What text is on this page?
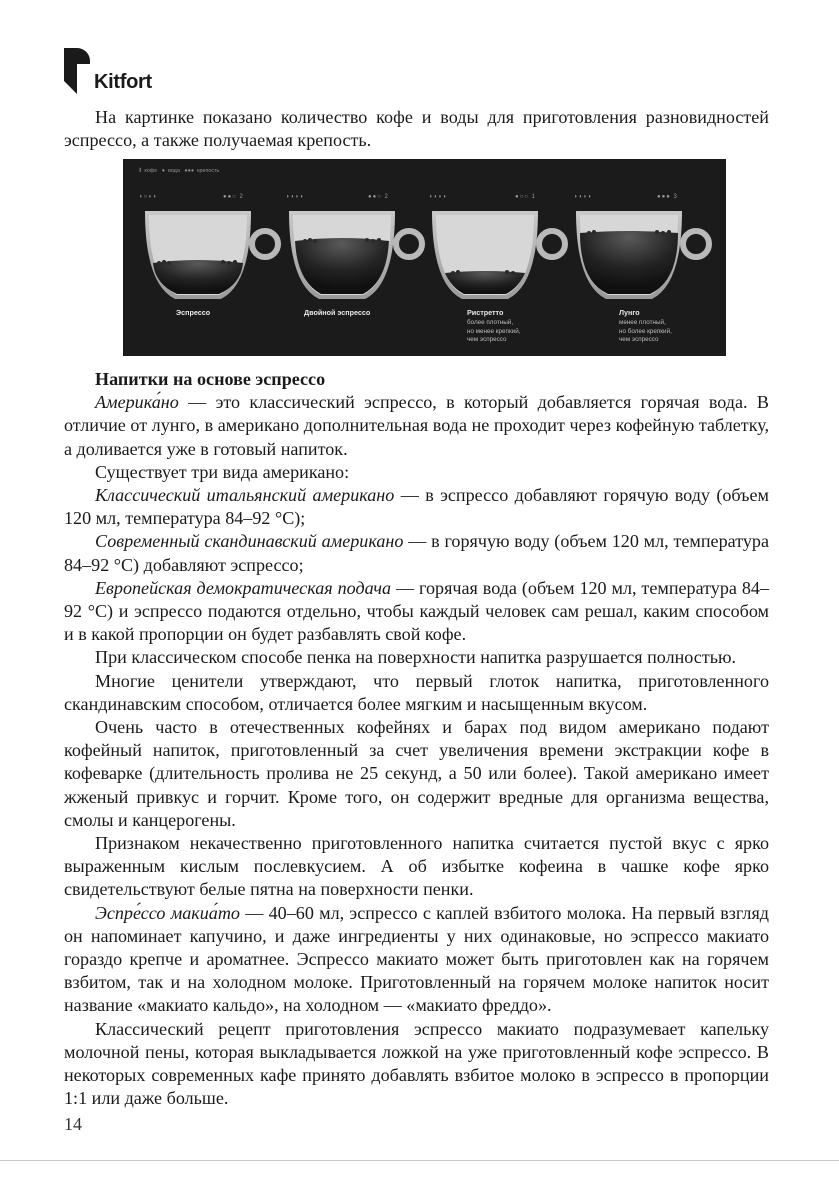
Kitfort

На картинке показано количество кофе и воды для приготовления разновидностей эспрессо, а также получаемая крепость.

⦀ кофе ● вода ●●● крепость
◗○◗◗	●●○ 2	◗◗◗◗	●●○ 2	◗◗◗◗	●○○ 1	◗◗◗◗	●●● 3
Эспрессо	Двойной эспрессо	Ристретто
более плотный,
но менее крепкий,
чем эспрессо
Лунго
менее плотный,
но более крепкий,
чем эспрессо

Напитки на основе эспрессо

Америка́но — это классический эспрессо, в который добавляется горячая вода. В отличие от лунго, в американо дополнительная вода не проходит через кофейную таблетку, а доливается уже в готовый напиток.

Существует три вида американо:

Классический итальянский американо — в эспрессо добавляют горячую воду (объем 120 мл, температура 84–92 °C);

Современный скандинавский американо — в горячую воду (объем 120 мл, температура 84–92 °C) добавляют эспрессо;

Европейская демократическая подача — горячая вода (объем 120 мл, температура 84–92 °C) и эспрессо подаются отдельно, чтобы каждый человек сам решал, каким способом и в какой пропорции он будет разбавлять свой кофе.

При классическом способе пенка на поверхности напитка разрушается полностью.

Многие ценители утверждают, что первый глоток напитка, приготовленного скандинавским способом, отличается более мягким и насыщенным вкусом.

Очень часто в отечественных кофейнях и барах под видом американо подают кофейный напиток, приготовленный за счет увеличения времени экстракции кофе в кофеварке (длительность пролива не 25 секунд, а 50 или более). Такой американо имеет жженый привкус и горчит. Кроме того, он содержит вредные для организма вещества, смолы и канцерогены.

Признаком некачественно приготовленного напитка считается пустой вкус с ярко выраженным кислым послевкусием. А об избытке кофеина в чашке кофе ярко свидетельствуют белые пятна на поверхности пенки.

Эспре́ссо макиа́то — 40–60 мл, эспрессо с каплей взбитого молока. На первый взгляд он напоминает капучино, и даже ингредиенты у них одинаковые, но эспрессо макиато гораздо крепче и ароматнее. Эспрессо макиато может быть приготовлен как на горячем взбитом, так и на холодном молоке. Приготовленный на горячем молоке напиток носит название «макиато кальдо», на холодном — «макиато фреддо».

Классический рецепт приготовления эспрессо макиато подразумевает капельку молочной пены, которая выкладывается ложкой на уже приготовленный кофе эспрессо. В некоторых современных кафе принято добавлять взбитое молоко в эспрессо в пропорции 1:1 или даже больше.

14
